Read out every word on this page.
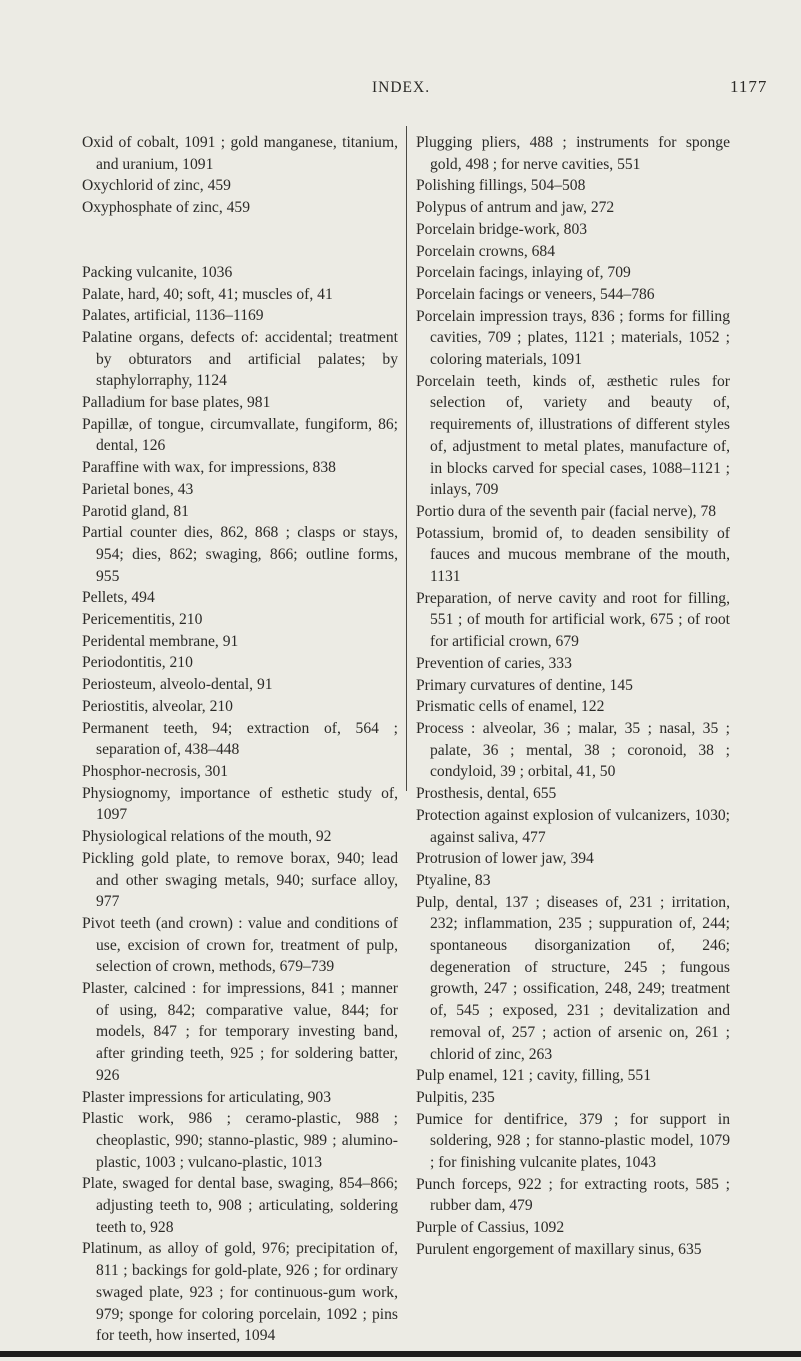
INDEX.	1177
Oxid of cobalt, 1091 ; gold manganese, titanium, and uranium, 1091
Oxychlorid of zinc, 459
Oxyphosphate of zinc, 459
Packing vulcanite, 1036
Palate, hard, 40; soft, 41; muscles of, 41
Palates, artificial, 1136–1169
Palatine organs, defects of: accidental; treatment by obturators and artificial palates; by staphylorraphy, 1124
Palladium for base plates, 981
Papillæ, of tongue, circumvallate, fungiform, 86; dental, 126
Paraffine with wax, for impressions, 838
Parietal bones, 43
Parotid gland, 81
Partial counter dies, 862, 868 ; clasps or stays, 954; dies, 862; swaging, 866; outline forms, 955
Pellets, 494
Pericementitis, 210
Peridental membrane, 91
Periodontitis, 210
Periosteum, alveolo-dental, 91
Periostitis, alveolar, 210
Permanent teeth, 94; extraction of, 564 ; separation of, 438–448
Phosphor-necrosis, 301
Physiognomy, importance of esthetic study of, 1097
Physiological relations of the mouth, 92
Pickling gold plate, to remove borax, 940; lead and other swaging metals, 940; surface alloy, 977
Pivot teeth (and crown) : value and conditions of use, excision of crown for, treatment of pulp, selection of crown, methods, 679–739
Plaster, calcined : for impressions, 841 ; manner of using, 842; comparative value, 844; for models, 847 ; for temporary investing band, after grinding teeth, 925 ; for soldering batter, 926
Plaster impressions for articulating, 903
Plastic work, 986 ; ceramo-plastic, 988 ; cheoplastic, 990; stanno-plastic, 989 ; alumino-plastic, 1003 ; vulcano-plastic, 1013
Plate, swaged for dental base, swaging, 854–866; adjusting teeth to, 908 ; articulating, soldering teeth to, 928
Platinum, as alloy of gold, 976; precipitation of, 811 ; backings for gold-plate, 926 ; for ordinary swaged plate, 923 ; for continuous-gum work, 979; sponge for coloring porcelain, 1092 ; pins for teeth, how inserted, 1094
Plugging pliers, 488 ; instruments for sponge gold, 498 ; for nerve cavities, 551
Polishing fillings, 504–508
Polypus of antrum and jaw, 272
Porcelain bridge-work, 803
Porcelain crowns, 684
Porcelain facings, inlaying of, 709
Porcelain facings or veneers, 544–786
Porcelain impression trays, 836 ; forms for filling cavities, 709 ; plates, 1121 ; materials, 1052 ; coloring materials, 1091
Porcelain teeth, kinds of, æsthetic rules for selection of, variety and beauty of, requirements of, illustrations of different styles of, adjustment to metal plates, manufacture of, in blocks carved for special cases, 1088–1121 ; inlays, 709
Portio dura of the seventh pair (facial nerve), 78
Potassium, bromid of, to deaden sensibility of fauces and mucous membrane of the mouth, 1131
Preparation, of nerve cavity and root for filling, 551 ; of mouth for artificial work, 675 ; of root for artificial crown, 679
Prevention of caries, 333
Primary curvatures of dentine, 145
Prismatic cells of enamel, 122
Process : alveolar, 36 ; malar, 35 ; nasal, 35 ; palate, 36 ; mental, 38 ; coronoid, 38 ; condyloid, 39 ; orbital, 41, 50
Prosthesis, dental, 655
Protection against explosion of vulcanizers, 1030; against saliva, 477
Protrusion of lower jaw, 394
Ptyaline, 83
Pulp, dental, 137 ; diseases of, 231 ; irritation, 232; inflammation, 235 ; suppuration of, 244; spontaneous disorganization of, 246; degeneration of structure, 245 ; fungous growth, 247 ; ossification, 248, 249; treatment of, 545 ; exposed, 231 ; devitalization and removal of, 257 ; action of arsenic on, 261 ; chlorid of zinc, 263
Pulp enamel, 121 ; cavity, filling, 551
Pulpitis, 235
Pumice for dentifrice, 379 ; for support in soldering, 928 ; for stanno-plastic model, 1079 ; for finishing vulcanite plates, 1043
Punch forceps, 922 ; for extracting roots, 585 ; rubber dam, 479
Purple of Cassius, 1092
Purulent engorgement of maxillary sinus, 635
